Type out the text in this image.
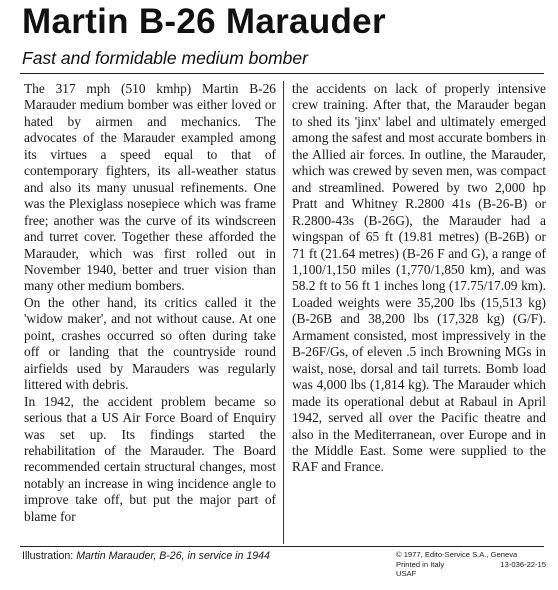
Martin B-26 Marauder
Fast and formidable medium bomber

The 317 mph (510 kmhp) Martin B-26 Marauder medium bomber was either loved or hated by airmen and mechanics. The advocates of the Marauder exampled among its virtues a speed equal to that of contemporary fighters, its all-weather status and also its many unusual refinements. One was the Plexiglass nosepiece which was frame free; another was the curve of its windscreen and turret cover. Together these afforded the Marauder, which was first rolled out in November 1940, better and truer vision than many other medium bombers.

On the other hand, its critics called it the 'widow maker', and not without cause. At one point, crashes occurred so often during take off or landing that the countryside round airfields used by Marauders was regularly littered with debris.

In 1942, the accident problem became so serious that a US Air Force Board of Enquiry was set up. Its findings started the rehabilitation of the Marauder. The Board recommended certain structural changes, most notably an increase in wing incidence angle to improve take off, but put the major part of blame for

the accidents on lack of properly intensive crew training. After that, the Marauder began to shed its 'jinx' label and ultimately emerged among the safest and most accurate bombers in the Allied air forces. In outline, the Marauder, which was crewed by seven men, was compact and streamlined. Powered by two 2,000 hp Pratt and Whitney R.2800 41s (B-26-B) or R.2800-43s (B-26G), the Marauder had a wingspan of 65 ft (19.81 metres) (B-26B) or 71 ft (21.64 metres) (B-26 F and G), a range of 1,100/1,150 miles (1,770/1,850 km), and was 58.2 ft to 56 ft 1 inches long (17.75/17.09 km). Loaded weights were 35,200 lbs (15,513 kg) (B-26B and 38,200 lbs (17,328 kg) (G/F). Armament consisted, most impressively in the B-26F/Gs, of eleven .5 inch Browning MGs in waist, nose, dorsal and tail turrets. Bomb load was 4,000 lbs (1,814 kg). The Marauder which made its operational debut at Rabaul in April 1942, served all over the Pacific theatre and also in the Mediterranean, over Europe and in the Middle East. Some were supplied to the RAF and France.

Illustration: Martin Marauder, B-26, in service in 1944	© 1977, Edito-Service S.A., Geneva
Printed in Italy	13-036-22-15
USAF
